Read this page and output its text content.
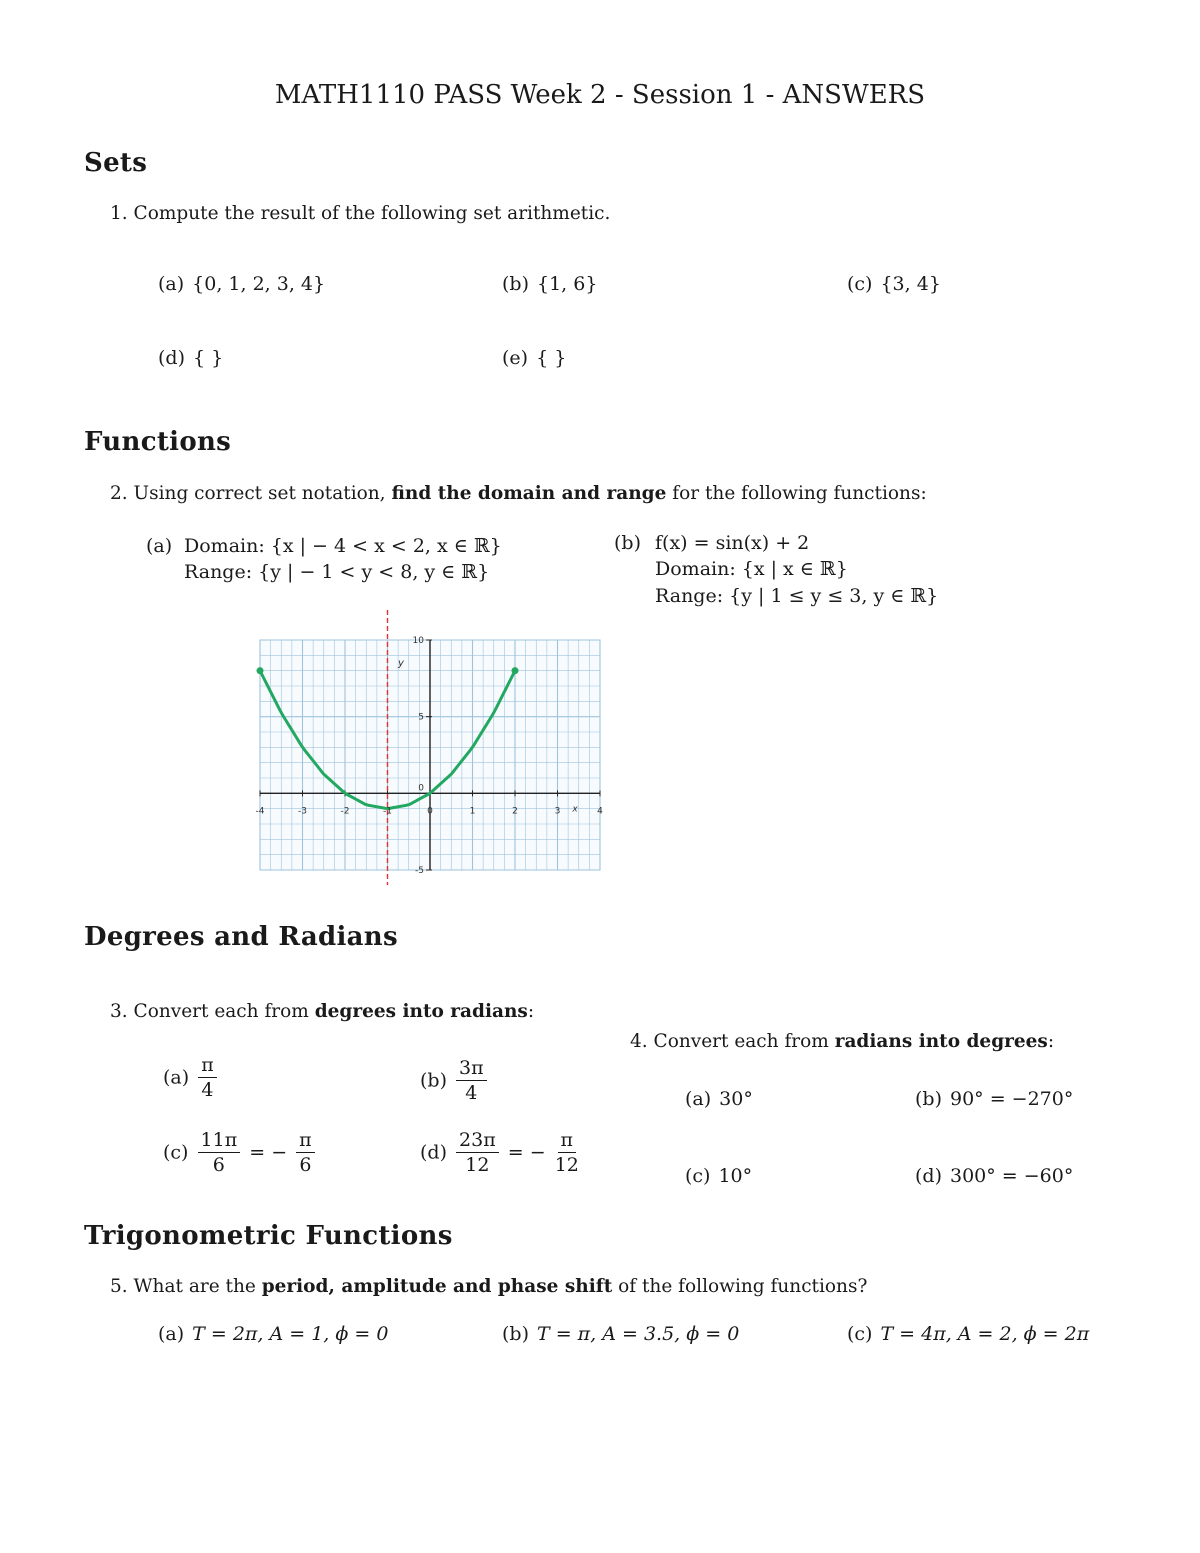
MATH1110 PASS Week 2 - Session 1 - ANSWERS
Sets
1. Compute the result of the following set arithmetic.
(a) {0, 1, 2, 3, 4}	(b) {1, 6}	(c) {3, 4}
(d) { }	(e) { }
Functions
2. Using correct set notation, find the domain and range for the following functions:
(a) Domain: {x | − 4 < x < 2, x ∈ ℝ}
Range: {y | − 1 < y < 8, y ∈ ℝ}
(b) f(x) = sin(x) + 2
Domain: {x | x ∈ ℝ}
Range: {y | 1 ≤ y ≤ 3, y ∈ ℝ}
x
y
-4	-3	-2	-1	0	1	2	3	4
10
5
0
-5
Degrees and Radians
3. Convert each from degrees into radians:
$(a) \frac{\pi}{4}$	$(b) \frac{3\pi}{4}$
$(c) \frac{11\pi}{6}$ = − $\frac{\pi}{6}$	$(d) \frac{23\pi}{12}$ = − $\frac{\pi}{12}$
4. Convert each from radians into degrees:
(a) 30°	(b) 90° = −270°
(c) 10°	(d) 300° = −60°
Trigonometric Functions
5. What are the period, amplitude and phase shift of the following functions?
(a) T = 2π, A = 1, ϕ = 0	(b) T = π, A = 3.5, ϕ = 0	(c) T = 4π, A = 2, ϕ = 2π
